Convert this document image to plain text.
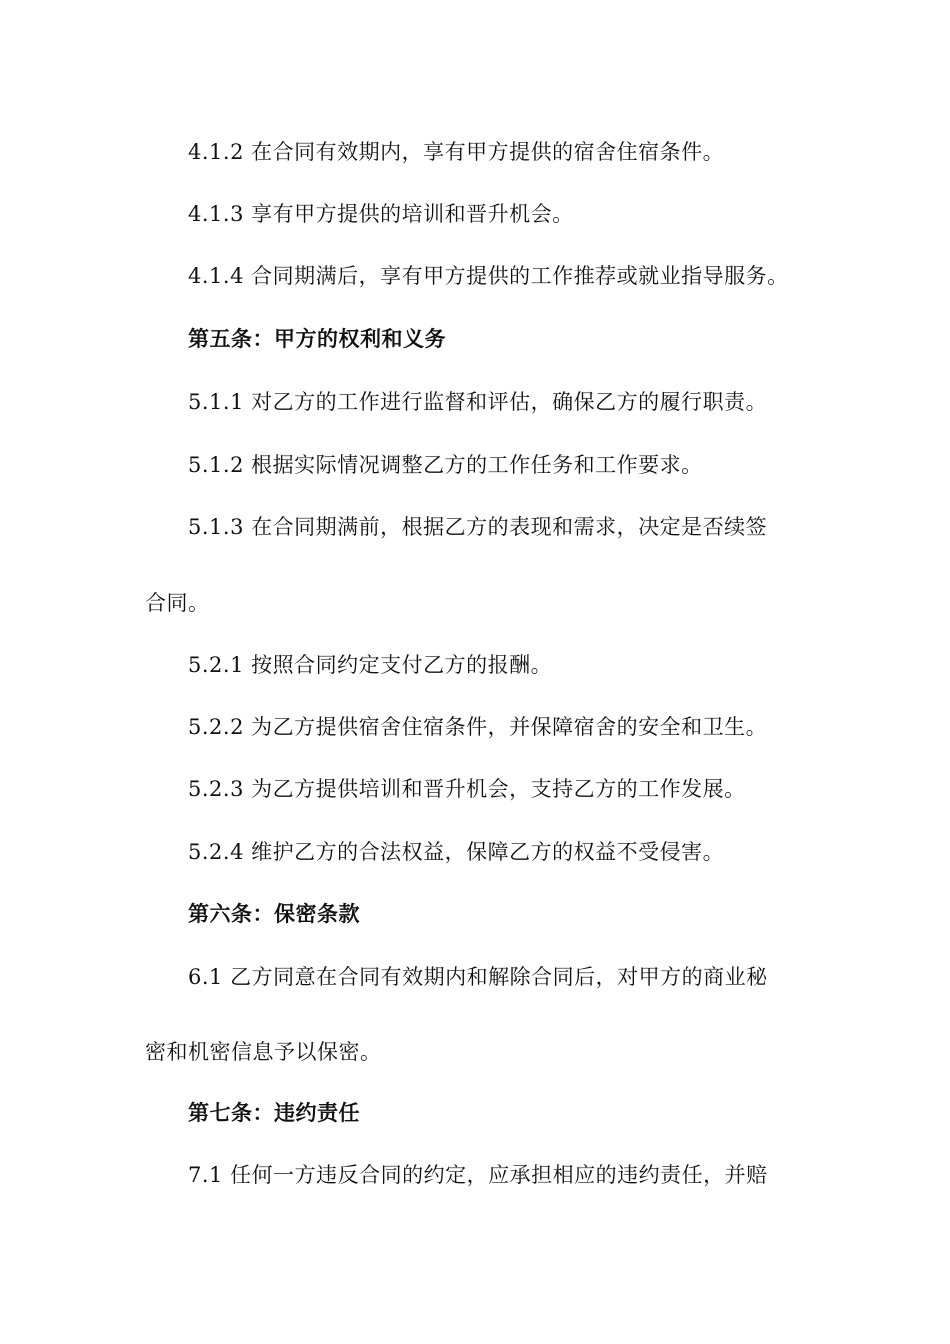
4.1.2 在合同有效期内，享有甲方提供的宿舍住宿条件。
4.1.3 享有甲方提供的培训和晋升机会。
4.1.4 合同期满后，享有甲方提供的工作推荐或就业指导服务。
第五条：甲方的权利和义务
5.1.1 对乙方的工作进行监督和评估，确保乙方的履行职责。
5.1.2 根据实际情况调整乙方的工作任务和工作要求。
5.1.3 在合同期满前，根据乙方的表现和需求，决定是否续签
合同。
5.2.1 按照合同约定支付乙方的报酬。
5.2.2 为乙方提供宿舍住宿条件，并保障宿舍的安全和卫生。
5.2.3 为乙方提供培训和晋升机会，支持乙方的工作发展。
5.2.4 维护乙方的合法权益，保障乙方的权益不受侵害。
第六条：保密条款
6.1 乙方同意在合同有效期内和解除合同后，对甲方的商业秘
密和机密信息予以保密。
第七条：违约责任
7.1 任何一方违反合同的约定，应承担相应的违约责任，并赔
